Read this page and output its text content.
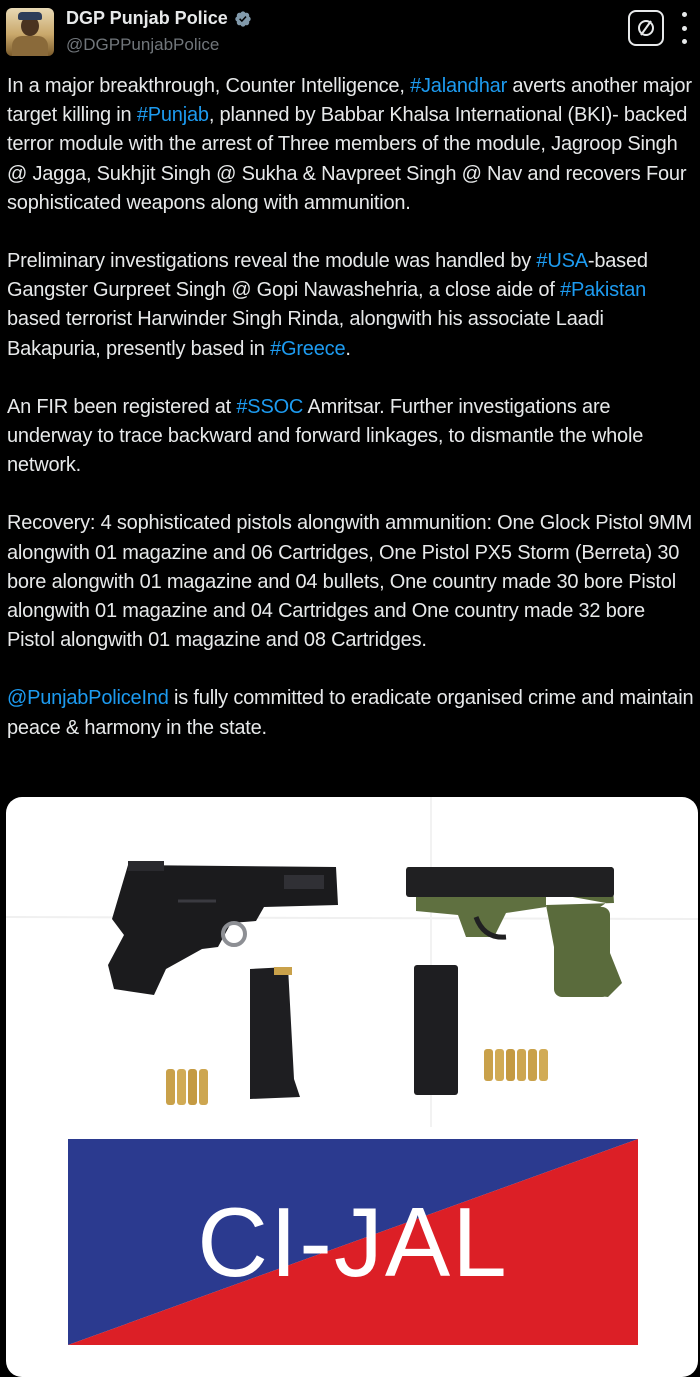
DGP Punjab Police
@DGPPunjabPolice

In a major breakthrough, Counter Intelligence, #Jalandhar averts another major target killing in #Punjab, planned by Babbar Khalsa International (BKI)- backed terror module with the arrest of Three members of the module, Jagroop Singh @ Jagga, Sukhjit Singh @ Sukha & Navpreet Singh @ Nav and recovers Four sophisticated weapons along with ammunition.

Preliminary investigations reveal the module was handled by #USA-based Gangster Gurpreet Singh @ Gopi Nawashehria, a close aide of #Pakistan based terrorist Harwinder Singh Rinda, alongwith his associate Laadi Bakapuria, presently based in #Greece.

An FIR been registered at #SSOC Amritsar. Further investigations are underway to trace backward and forward linkages, to dismantle the whole network.

Recovery: 4 sophisticated pistols alongwith ammunition: One Glock Pistol 9MM alongwith 01 magazine and 06 Cartridges, One Pistol PX5 Storm (Berreta) 30 bore alongwith 01 magazine and 04 bullets, One country made 30 bore Pistol alongwith 01 magazine and 04 Cartridges and One country made 32 bore Pistol alongwith 01 magazine and 08 Cartridges.

@PunjabPoliceInd is fully committed to eradicate organised crime and maintain peace & harmony in the state.

CI-JAL
